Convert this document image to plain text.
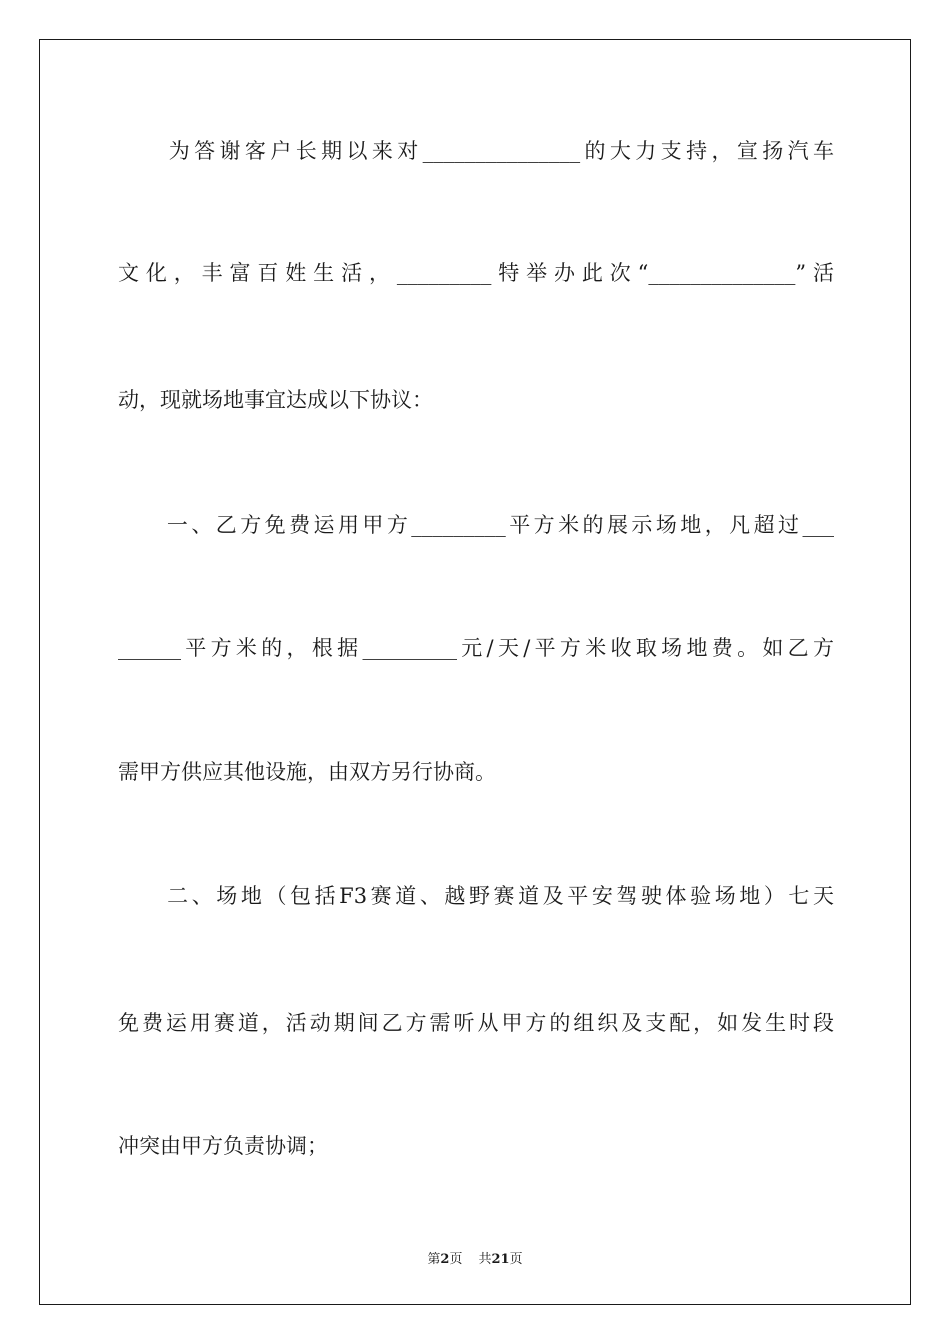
　　为答谢客户长期以来对_______________的大力支持，宣扬汽车
文化，丰富百姓生活，_________特举办此次“______________”活
动，现就场地事宜达成以下协议：
　　一、乙方免费运用甲方_________平方米的展示场地，凡超过___
______平方米的，根据_________元/天/平方米收取场地费。如乙方
需甲方供应其他设施，由双方另行协商。
　　二、场地（包括F3赛道、越野赛道及平安驾驶体验场地）七天
免费运用赛道，活动期间乙方需听从甲方的组织及支配，如发生时段
冲突由甲方负责协调；
第2页 共21页
